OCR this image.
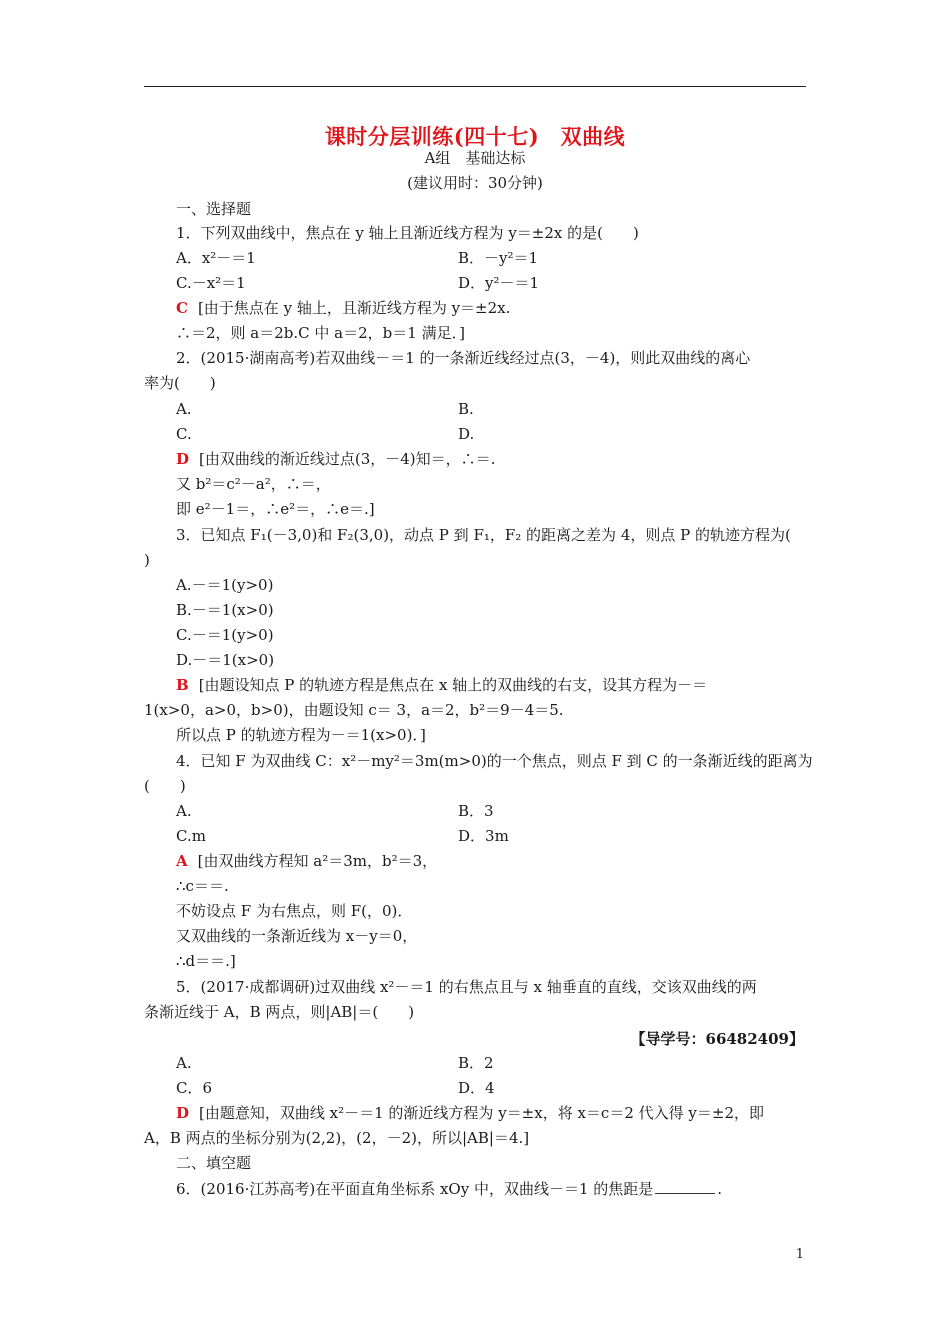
课时分层训练(四十七)　双曲线
A组　基础达标
(建议用时：30分钟)
一、选择题
1．下列双曲线中，焦点在 y 轴上且渐近线方程为 y＝±2x 的是(　　)
A．x²－＝1	B．－y²＝1
C.－x²＝1	D．y²－＝1
C [由于焦点在 y 轴上，且渐近线方程为 y＝±2x.
∴＝2，则 a＝2b.C 中 a＝2，b＝1 满足．]
2．(2015·湖南高考)若双曲线－＝1 的一条渐近线经过点(3，－4)，则此双曲线的离心
率为(　　)
A.	B.
C.	D.
D [由双曲线的渐近线过点(3，－4)知＝，∴＝.
又 b²＝c²－a²，∴＝，
即 e²－1＝，∴e²＝，∴e＝.]
3．已知点 F₁(－3,0)和 F₂(3,0)，动点 P 到 F₁，F₂ 的距离之差为 4，则点 P 的轨迹方程为(
)
A.－＝1(y>0)
B.－＝1(x>0)
C.－＝1(y>0)
D.－＝1(x>0)
B [由题设知点 P 的轨迹方程是焦点在 x 轴上的双曲线的右支，设其方程为－＝
1(x>0，a>0，b>0)，由题设知 c＝ 3，a＝2，b²＝9－4＝5.
所以点 P 的轨迹方程为－＝1(x>0)．]
4．已知 F 为双曲线 C：x²－my²＝3m(m>0)的一个焦点，则点 F 到 C 的一条渐近线的距离为
(　　)
A.	B．3
C.m	D．3m
A [由双曲线方程知 a²＝3m，b²＝3，
∴c＝＝.
不妨设点 F 为右焦点，则 F(，0)．
又双曲线的一条渐近线为 x－y＝0，
∴d＝＝.]
5．(2017·成都调研)过双曲线 x²－＝1 的右焦点且与 x 轴垂直的直线，交该双曲线的两
条渐近线于 A，B 两点，则|AB|＝(　　)
【导学号：66482409】
A.	B．2
C．6	D．4
D [由题意知，双曲线 x²－＝1 的渐近线方程为 y＝±x，将 x＝c＝2 代入得 y＝±2，即
A，B 两点的坐标分别为(2,2)，(2，－2)，所以|AB|＝4.]
二、填空题
6．(2016·江苏高考)在平面直角坐标系 xOy 中，双曲线－＝1 的焦距是	.
1
